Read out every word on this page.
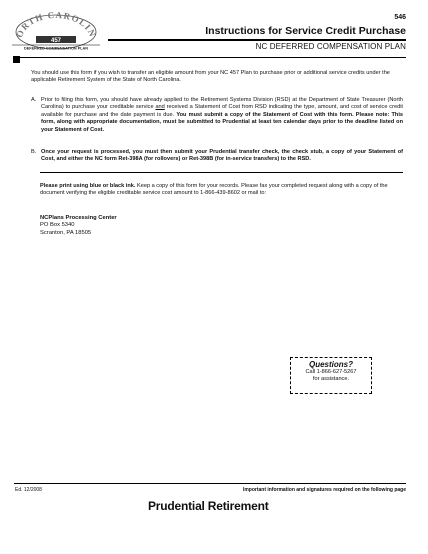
ORTH CAROLIN
457
DEFERRED COMPENSATION PLAN
546
Instructions for Service Credit Purchase
NC DEFERRED COMPENSATION PLAN
You should use this form if you wish to transfer an eligible amount from your NC 457 Plan to purchase prior or additional service credits under the applicable Retirement System of the State of North Carolina.
A. Prior to filing this form, you should have already applied to the Retirement Systems Division (RSD) at the Department of State Treasurer (North Carolina) to purchase your creditable service and received a Statement of Cost from RSD indicating the type, amount, and cost of service credit available for purchase and the date payment is due. You must submit a copy of the Statement of Cost with this form. Please note: This form, along with appropriate documentation, must be submitted to Prudential at least ten calendar days prior to the deadline listed on your Statement of Cost.
B. Once your request is processed, you must then submit your Prudential transfer check, the check stub, a copy of your Statement of Cost, and either the NC form Ret-398A (for rollovers) or Ret-398B (for in-service transfers) to the RSD.
Please print using blue or black ink. Keep a copy of this form for your records. Please fax your completed request along with a copy of the document verifying the eligible creditable service cost amount to 1-866-439-8602 or mail to:
NCPlans Processing Center
PO Box 5340
Scranton, PA 18505
Questions?
Call 1-866-627-5267
for assistance.
Ed. 12/2008	Important information and signatures required on the following page
Prudential Retirement
